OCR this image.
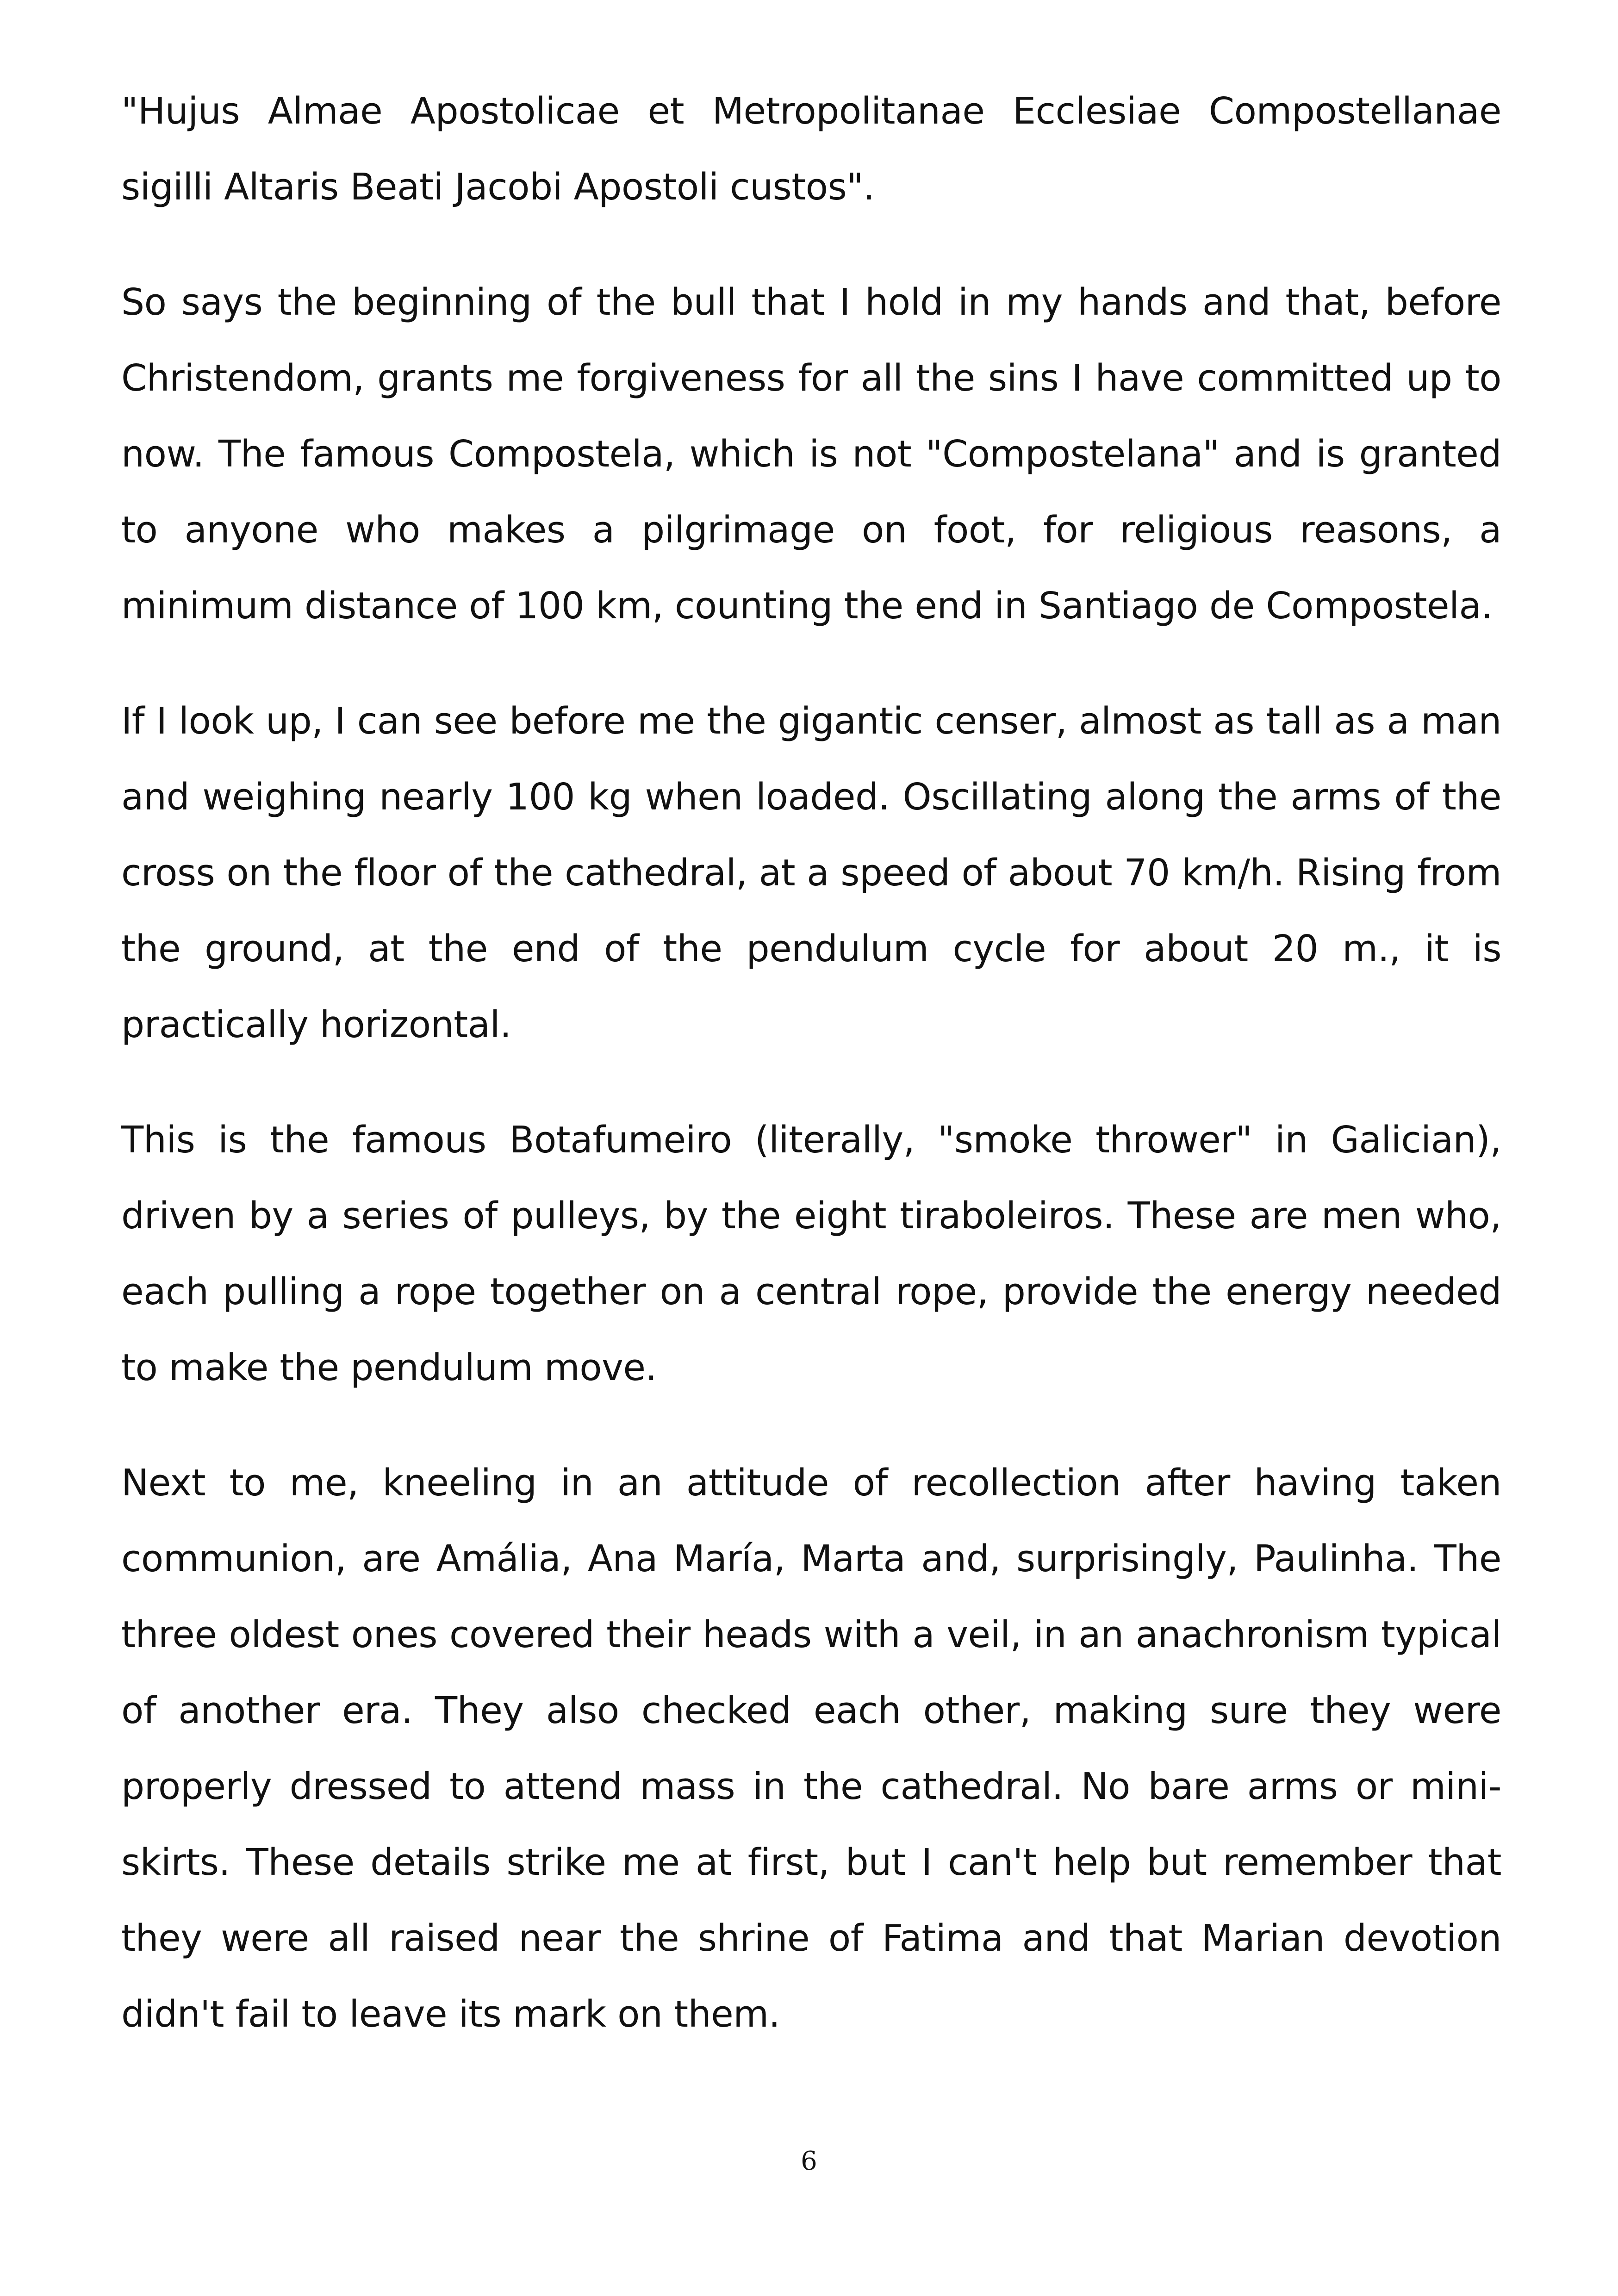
"Hujus Almae Apostolicae et Metropolitanae Ecclesiae Compostellanae sigilli Altaris Beati Jacobi Apostoli custos".

So says the beginning of the bull that I hold in my hands and that, before Christendom, grants me forgiveness for all the sins I have committed up to now. The famous Compostela, which is not "Compostelana" and is granted to anyone who makes a pilgrimage on foot, for religious reasons, a minimum distance of 100 km, counting the end in Santiago de Compostela.

If I look up, I can see before me the gigantic censer, almost as tall as a man and weighing nearly 100 kg when loaded. Oscillating along the arms of the cross on the floor of the cathedral, at a speed of about 70 km/h. Rising from the ground, at the end of the pendulum cycle for about 20 m., it is practically horizontal.

This is the famous Botafumeiro (literally, "smoke thrower" in Galician), driven by a series of pulleys, by the eight tiraboleiros. These are men who, each pulling a rope together on a central rope, provide the energy needed to make the pendulum move.

Next to me, kneeling in an attitude of recollection after having taken communion, are Amália, Ana María, Marta and, surprisingly, Paulinha. The three oldest ones covered their heads with a veil, in an anachronism typical of another era. They also checked each other, making sure they were properly dressed to attend mass in the cathedral. No bare arms or mini-skirts. These details strike me at first, but I can't help but remember that they were all raised near the shrine of Fatima and that Marian devotion didn't fail to leave its mark on them.

6
